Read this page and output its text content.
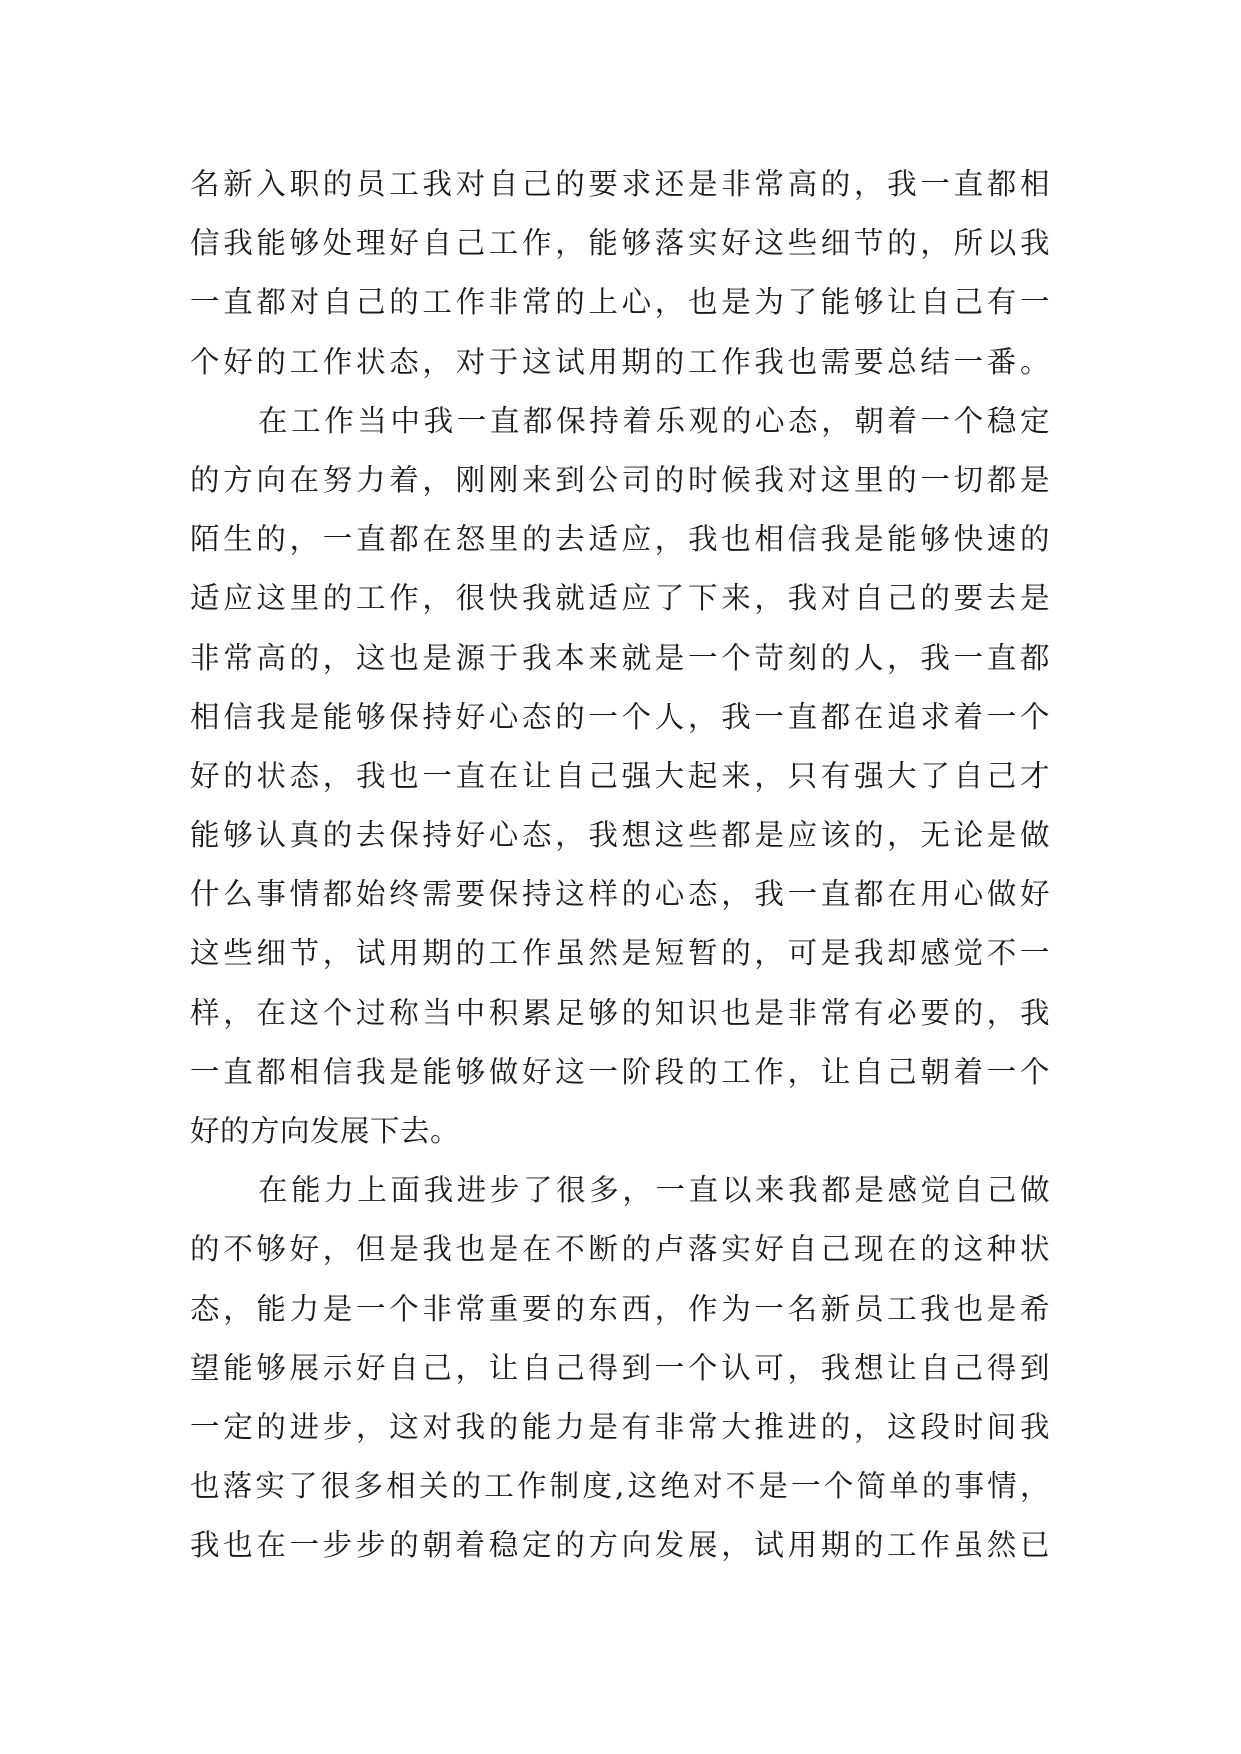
名新入职的员工我对自己的要求还是非常高的，我一直都相
信我能够处理好自己工作，能够落实好这些细节的，所以我
一直都对自己的工作非常的上心，也是为了能够让自己有一
个好的工作状态，对于这试用期的工作我也需要总结一番。
在工作当中我一直都保持着乐观的心态，朝着一个稳定
的方向在努力着，刚刚来到公司的时候我对这里的一切都是
陌生的，一直都在怒里的去适应，我也相信我是能够快速的
适应这里的工作，很快我就适应了下来，我对自己的要去是
非常高的，这也是源于我本来就是一个苛刻的人，我一直都
相信我是能够保持好心态的一个人，我一直都在追求着一个
好的状态，我也一直在让自己强大起来，只有强大了自己才
能够认真的去保持好心态，我想这些都是应该的，无论是做
什么事情都始终需要保持这样的心态，我一直都在用心做好
这些细节，试用期的工作虽然是短暂的，可是我却感觉不一
样，在这个过称当中积累足够的知识也是非常有必要的，我
一直都相信我是能够做好这一阶段的工作，让自己朝着一个
好的方向发展下去。
在能力上面我进步了很多，一直以来我都是感觉自己做
的不够好，但是我也是在不断的卢落实好自己现在的这种状
态，能力是一个非常重要的东西，作为一名新员工我也是希
望能够展示好自己，让自己得到一个认可，我想让自己得到
一定的进步，这对我的能力是有非常大推进的，这段时间我
也落实了很多相关的工作制度,这绝对不是一个简单的事情，
我也在一步步的朝着稳定的方向发展，试用期的工作虽然已
